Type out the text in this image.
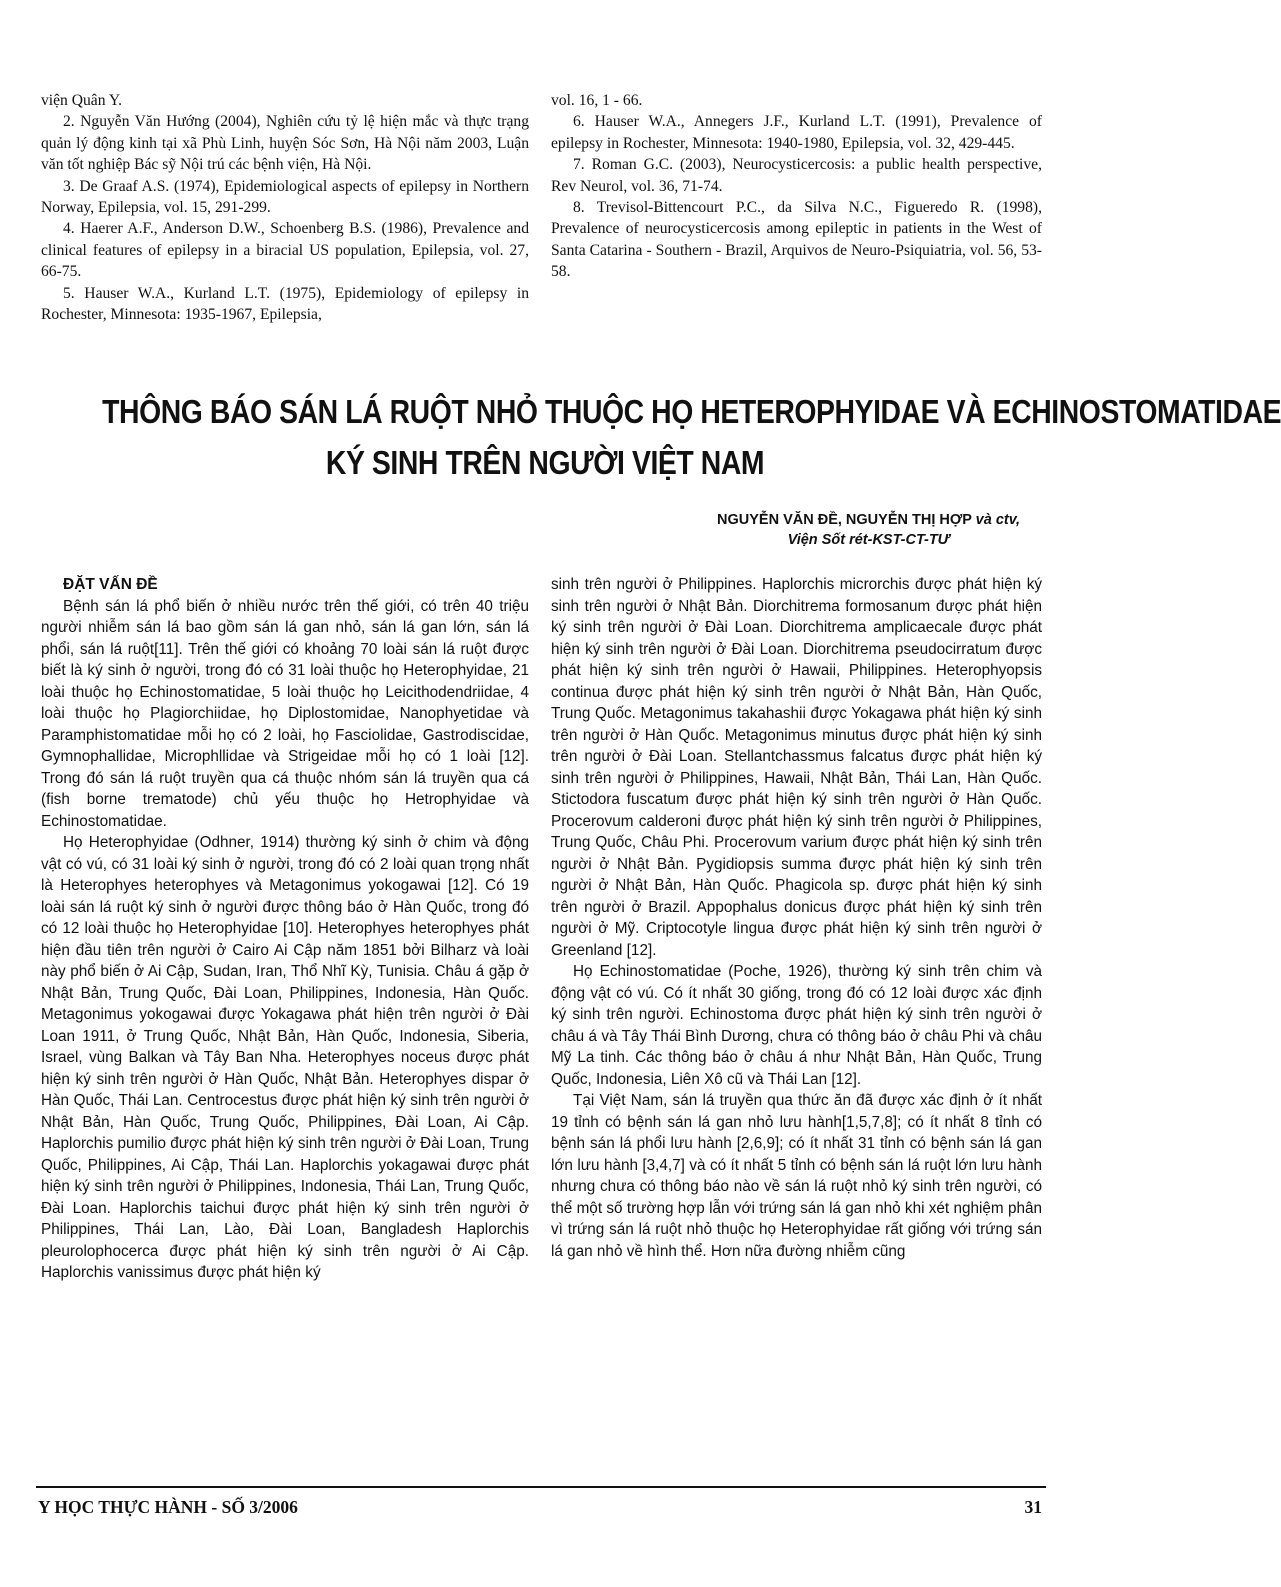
viện Quân Y.

2. Nguyễn Văn Hướng (2004), Nghiên cứu tỷ lệ hiện mắc và thực trạng quản lý động kinh tại xã Phù Linh, huyện Sóc Sơn, Hà Nội năm 2003, Luận văn tốt nghiệp Bác sỹ Nội trú các bệnh viện, Hà Nội.

3. De Graaf A.S. (1974), Epidemiological aspects of epilepsy in Northern Norway, Epilepsia, vol. 15, 291-299.

4. Haerer A.F., Anderson D.W., Schoenberg B.S. (1986), Prevalence and clinical features of epilepsy in a biracial US population, Epilepsia, vol. 27, 66-75.

5. Hauser W.A., Kurland L.T. (1975), Epidemiology of epilepsy in Rochester, Minnesota: 1935-1967, Epilepsia,

vol. 16, 1 - 66.

6. Hauser W.A., Annegers J.F., Kurland L.T. (1991), Prevalence of epilepsy in Rochester, Minnesota: 1940-1980, Epilepsia, vol. 32, 429-445.

7. Roman G.C. (2003), Neurocysticercosis: a public health perspective, Rev Neurol, vol. 36, 71-74.

8. Trevisol-Bittencourt P.C., da Silva N.C., Figueredo R. (1998), Prevalence of neurocysticercosis among epileptic in patients in the West of Santa Catarina - Southern - Brazil, Arquivos de Neuro-Psiquiatria, vol. 56, 53-58.

THÔNG BÁO SÁN LÁ RUỘT NHỎ THUỘC HỌ HETEROPHYIDAE VÀ ECHINOSTOMATIDAE
KÝ SINH TRÊN NGƯỜI VIỆT NAM
NGUYỄN VĂN ĐỀ, NGUYỄN THỊ HỢP và ctv,
Viện Sốt rét-KST-CT-TƯ

ĐẶT VẤN ĐỀ

Bệnh sán lá phổ biến ở nhiều nước trên thế giới, có trên 40 triệu người nhiễm sán lá bao gồm sán lá gan nhỏ, sán lá gan lớn, sán lá phổi, sán lá ruột[11]. Trên thế giới có khoảng 70 loài sán lá ruột được biết là ký sinh ở người, trong đó có 31 loài thuộc họ Heterophyidae, 21 loài thuộc họ Echinostomatidae, 5 loài thuộc họ Leicithodendriidae, 4 loài thuộc họ Plagiorchiidae, họ Diplostomidae, Nanophyetidae và Paramphistomatidae mỗi họ có 2 loài, họ Fasciolidae, Gastrodiscidae, Gymnophallidae, Microphllidae và Strigeidae mỗi họ có 1 loài [12]. Trong đó sán lá ruột truyền qua cá thuộc nhóm sán lá truyền qua cá (fish borne trematode) chủ yếu thuộc họ Hetrophyidae và Echinostomatidae.

Họ Heterophyidae (Odhner, 1914) thường ký sinh ở chim và động vật có vú, có 31 loài ký sinh ở người, trong đó có 2 loài quan trọng nhất là Heterophyes heterophyes và Metagonimus yokogawai [12]. Có 19 loài sán lá ruột ký sinh ở người được thông báo ở Hàn Quốc, trong đó có 12 loài thuộc họ Heterophyidae [10]. Heterophyes heterophyes phát hiện đầu tiên trên người ở Cairo Ai Cập năm 1851 bởi Bilharz và loài này phổ biến ở Ai Cập, Sudan, Iran, Thổ Nhĩ Kỳ, Tunisia. Châu á gặp ở Nhật Bản, Trung Quốc, Đài Loan, Philippines, Indonesia, Hàn Quốc. Metagonimus yokogawai được Yokagawa phát hiện trên người ở Đài Loan 1911, ở Trung Quốc, Nhật Bản, Hàn Quốc, Indonesia, Siberia, Israel, vùng Balkan và Tây Ban Nha. Heterophyes noceus được phát hiện ký sinh trên người ở Hàn Quốc, Nhật Bản. Heterophyes dispar ở Hàn Quốc, Thái Lan. Centrocestus được phát hiện ký sinh trên người ở Nhật Bản, Hàn Quốc, Trung Quốc, Philippines, Đài Loan, Ai Cập. Haplorchis pumilio được phát hiện ký sinh trên người ở Đài Loan, Trung Quốc, Philippines, Ai Cập, Thái Lan. Haplorchis yokagawai được phát hiện ký sinh trên người ở Philippines, Indonesia, Thái Lan, Trung Quốc, Đài Loan. Haplorchis taichui được phát hiện ký sinh trên người ở Philippines, Thái Lan, Lào, Đài Loan, Bangladesh Haplorchis pleurolophocerca được phát hiện ký sinh trên người ở Ai Cập. Haplorchis vanissimus được phát hiện ký

sinh trên người ở Philippines. Haplorchis microrchis được phát hiện ký sinh trên người ở Nhật Bản. Diorchitrema formosanum được phát hiện ký sinh trên người ở Đài Loan. Diorchitrema amplicaecale được phát hiện ký sinh trên người ở Đài Loan. Diorchitrema pseudocirratum được phát hiện ký sinh trên người ở Hawaii, Philippines. Heterophyopsis continua được phát hiện ký sinh trên người ở Nhật Bản, Hàn Quốc, Trung Quốc. Metagonimus takahashii được Yokagawa phát hiện ký sinh trên người ở Hàn Quốc. Metagonimus minutus được phát hiện ký sinh trên người ở Đài Loan. Stellantchassmus falcatus được phát hiện ký sinh trên người ở Philippines, Hawaii, Nhật Bản, Thái Lan, Hàn Quốc. Stictodora fuscatum được phát hiện ký sinh trên người ở Hàn Quốc. Procerovum calderoni được phát hiện ký sinh trên người ở Philippines, Trung Quốc, Châu Phi. Procerovum varium được phát hiện ký sinh trên người ở Nhật Bản. Pygidiopsis summa được phát hiện ký sinh trên người ở Nhật Bản, Hàn Quốc. Phagicola sp. được phát hiện ký sinh trên người ở Brazil. Appophalus donicus được phát hiện ký sinh trên người ở Mỹ. Criptocotyle lingua được phát hiện ký sinh trên người ở Greenland [12].

Họ Echinostomatidae (Poche, 1926), thường ký sinh trên chim và động vật có vú. Có ít nhất 30 giống, trong đó có 12 loài được xác định ký sinh trên người. Echinostoma được phát hiện ký sinh trên người ở châu á và Tây Thái Bình Dương, chưa có thông báo ở châu Phi và châu Mỹ La tinh. Các thông báo ở châu á như Nhật Bản, Hàn Quốc, Trung Quốc, Indonesia, Liên Xô cũ và Thái Lan [12].

Tại Việt Nam, sán lá truyền qua thức ăn đã được xác định ở ít nhất 19 tỉnh có bệnh sán lá gan nhỏ lưu hành[1,5,7,8]; có ít nhất 8 tỉnh có bệnh sán lá phổi lưu hành [2,6,9]; có ít nhất 31 tỉnh có bệnh sán lá gan lớn lưu hành [3,4,7] và có ít nhất 5 tỉnh có bệnh sán lá ruột lớn lưu hành nhưng chưa có thông báo nào về sán lá ruột nhỏ ký sinh trên người, có thể một số trường hợp lẫn với trứng sán lá gan nhỏ khi xét nghiệm phân vì trứng sán lá ruột nhỏ thuộc họ Heterophyidae rất giống với trứng sán lá gan nhỏ về hình thể. Hơn nữa đường nhiễm cũng

Y HỌC THỰC HÀNH - SỐ 3/2006	31
